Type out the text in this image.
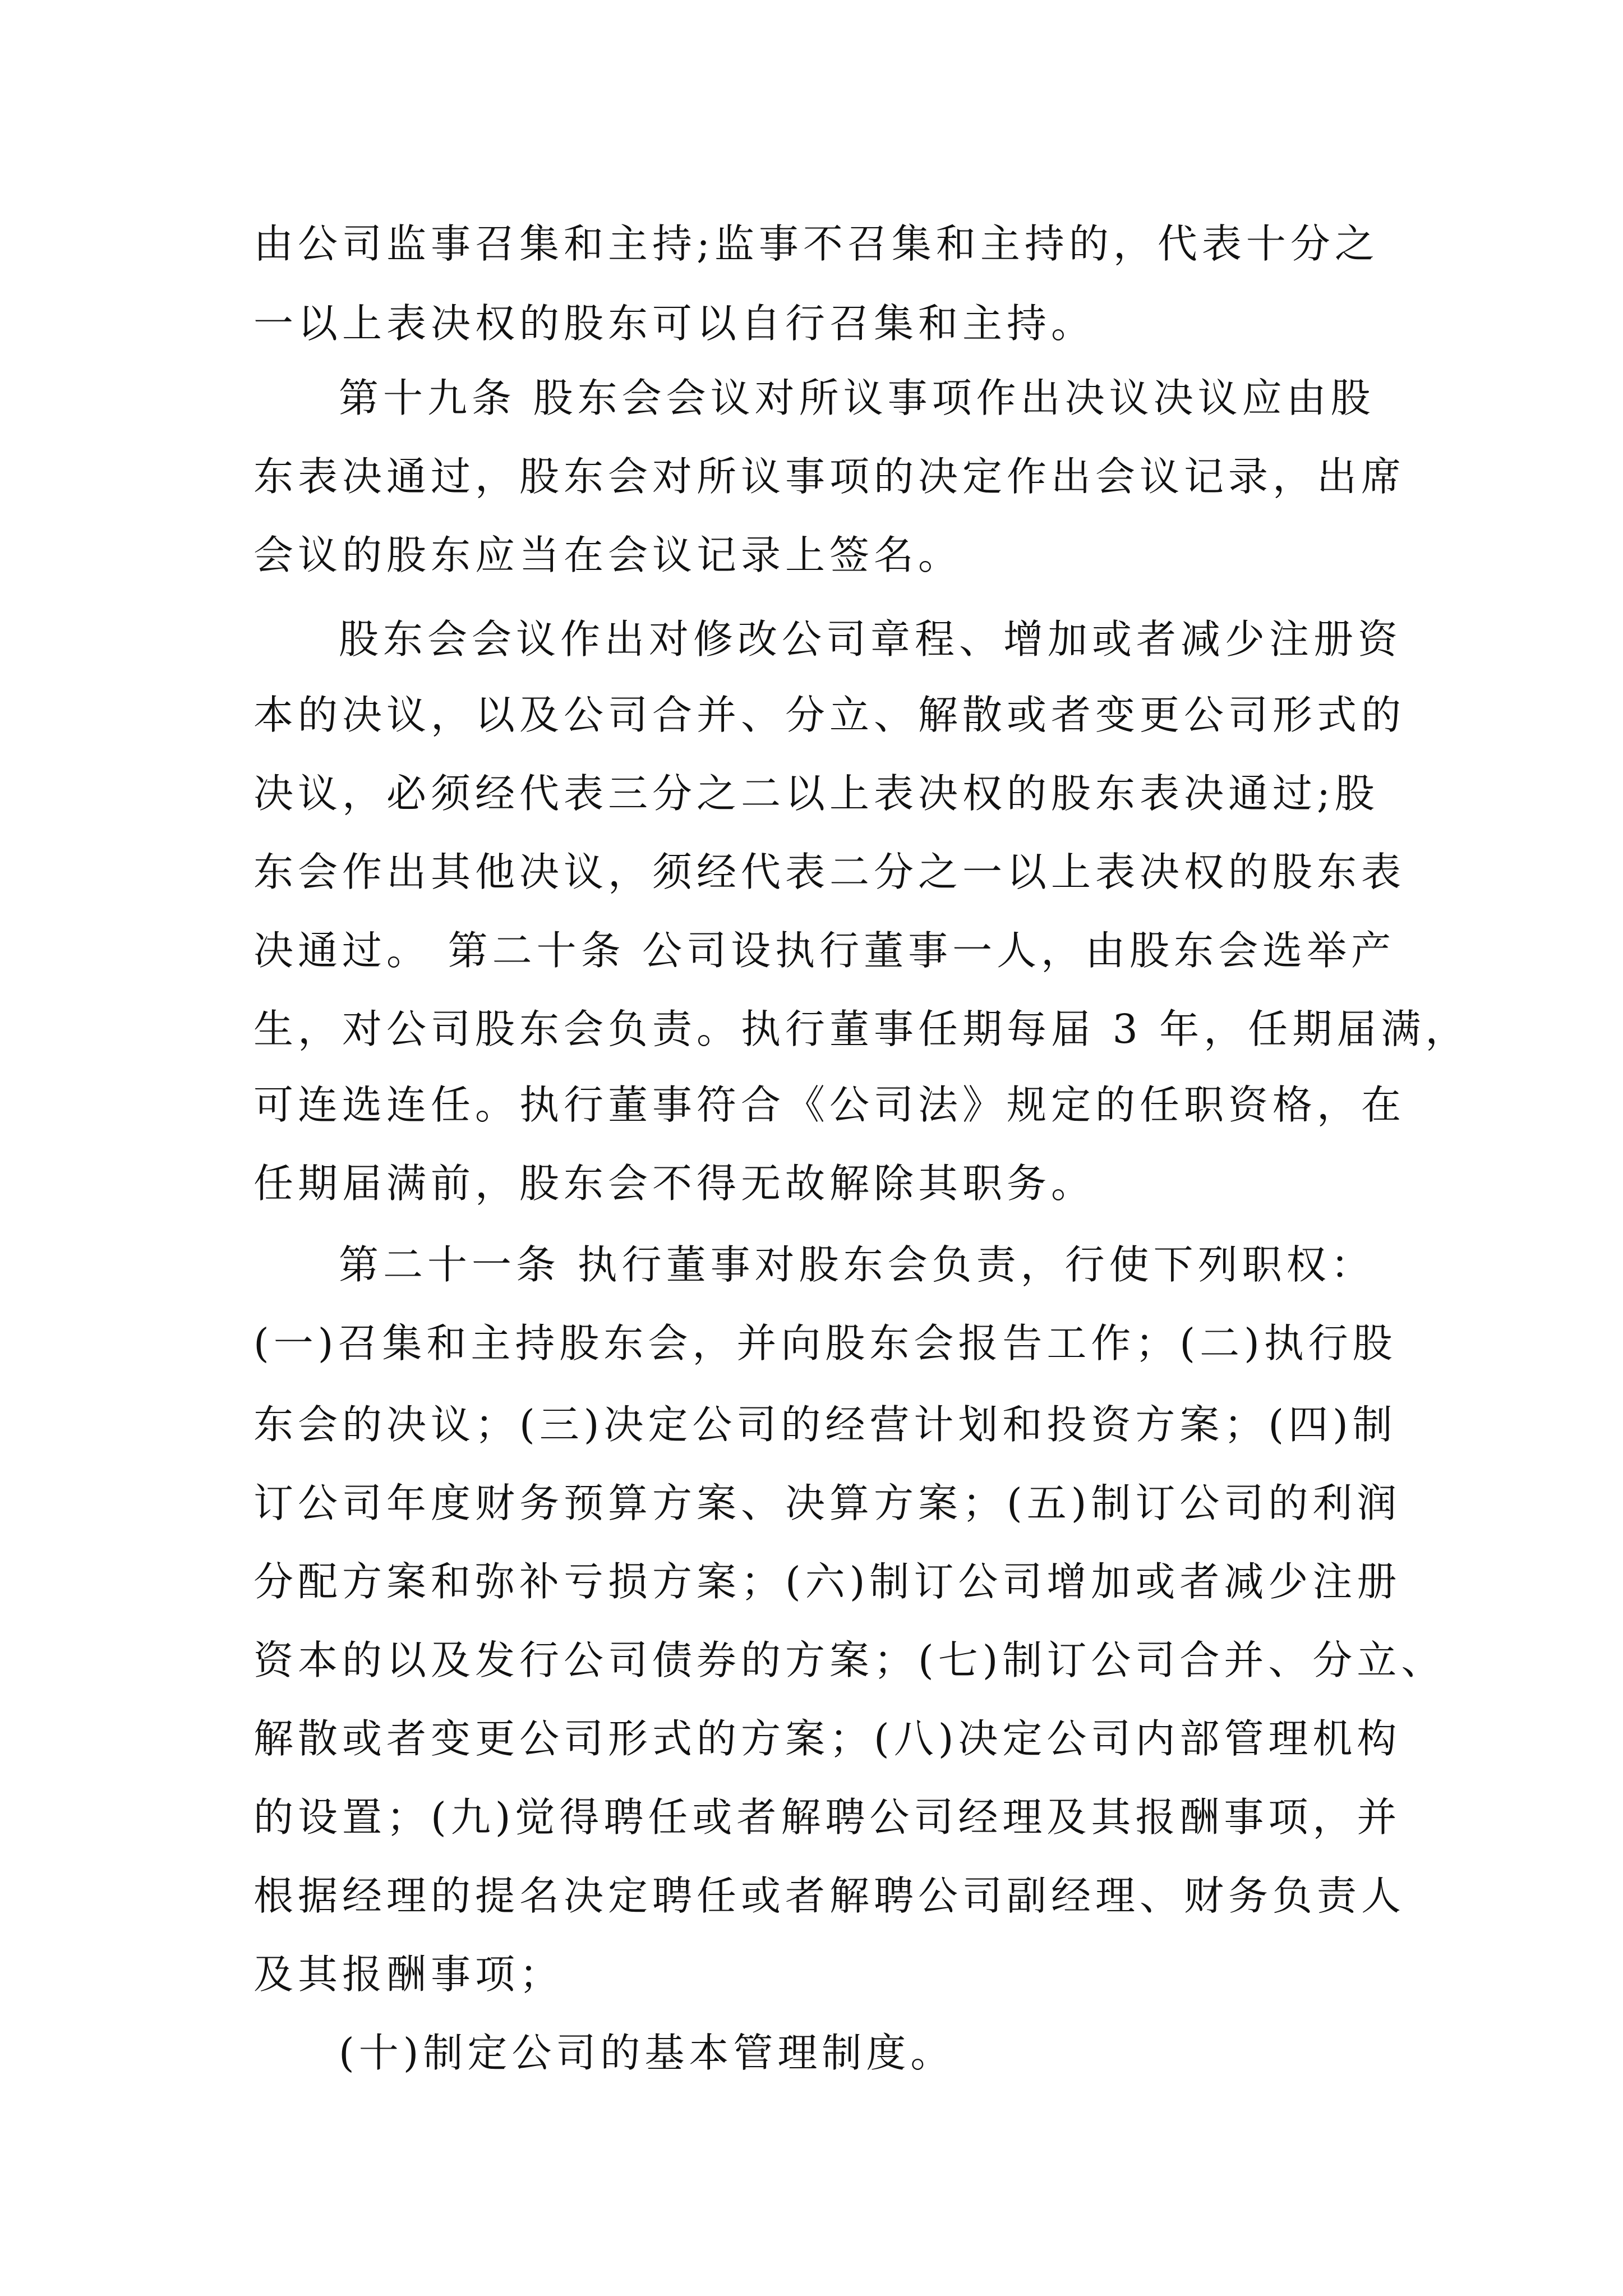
由公司监事召集和主持;监事不召集和主持的，代表十分之

一以上表决权的股东可以自行召集和主持。

第十九条 股东会会议对所议事项作出决议决议应由股

东表决通过，股东会对所议事项的决定作出会议记录，出席

会议的股东应当在会议记录上签名。

股东会会议作出对修改公司章程、增加或者减少注册资

本的决议，以及公司合并、分立、解散或者变更公司形式的

决议，必须经代表三分之二以上表决权的股东表决通过;股

东会作出其他决议，须经代表二分之一以上表决权的股东表

决通过。 第二十条 公司设执行董事一人，由股东会选举产

生，对公司股东会负责。执行董事任期每届 3 年，任期届满，

可连选连任。执行董事符合《公司法》规定的任职资格，在

任期届满前，股东会不得无故解除其职务。

第二十一条 执行董事对股东会负责，行使下列职权：

(一)召集和主持股东会，并向股东会报告工作；(二)执行股

东会的决议；(三)决定公司的经营计划和投资方案；(四)制

订公司年度财务预算方案、决算方案；(五)制订公司的利润

分配方案和弥补亏损方案；(六)制订公司增加或者减少注册

资本的以及发行公司债券的方案；(七)制订公司合并、分立、

解散或者变更公司形式的方案；(八)决定公司内部管理机构

的设置；(九)觉得聘任或者解聘公司经理及其报酬事项，并

根据经理的提名决定聘任或者解聘公司副经理、财务负责人

及其报酬事项；

(十)制定公司的基本管理制度。
